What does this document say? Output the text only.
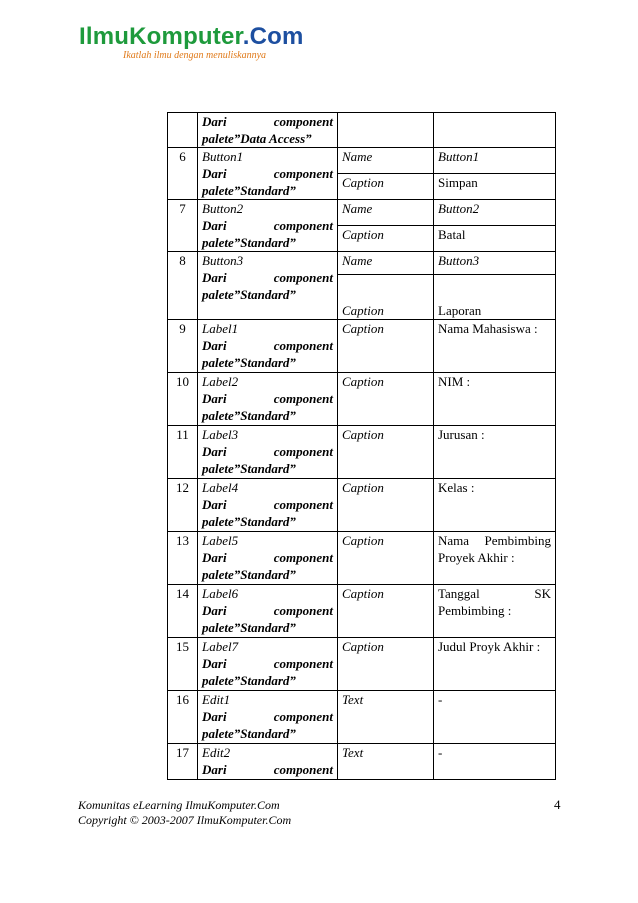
IlmuKomputer.Com
Ikatlah ilmu dengan menuliskannya

	Dari component
palete”Data Access”		

6	Button1
Dari component
palete”Standard”	Name	Button1
		Caption	Simpan
7	Button2
Dari component
palete”Standard”	Name	Button2
		Caption	Batal
8	Button3
Dari component
palete”Standard”	Name	Button3
		Caption	Laporan
9	Label1
Dari component
palete”Standard”	Caption	Nama Mahasiswa :
10	Label2
Dari component
palete”Standard”	Caption	NIM :
11	Label3
Dari component
palete”Standard”	Caption	Jurusan :
12	Label4
Dari component
palete”Standard”	Caption	Kelas :
13	Label5
Dari component
palete”Standard”	Caption	Nama Pembimbing Proyek Akhir :
14	Label6
Dari component
palete”Standard”	Caption	Tanggal SK Pembimbing :
15	Label7
Dari component
palete”Standard”	Caption	Judul Proyk Akhir :
16	Edit1
Dari component
palete”Standard”	Text	-
17	Edit2
Dari component	Text	-
Komunitas eLearning IlmuKomputer.Com
Copyright © 2003-2007 IlmuKomputer.Com
4
